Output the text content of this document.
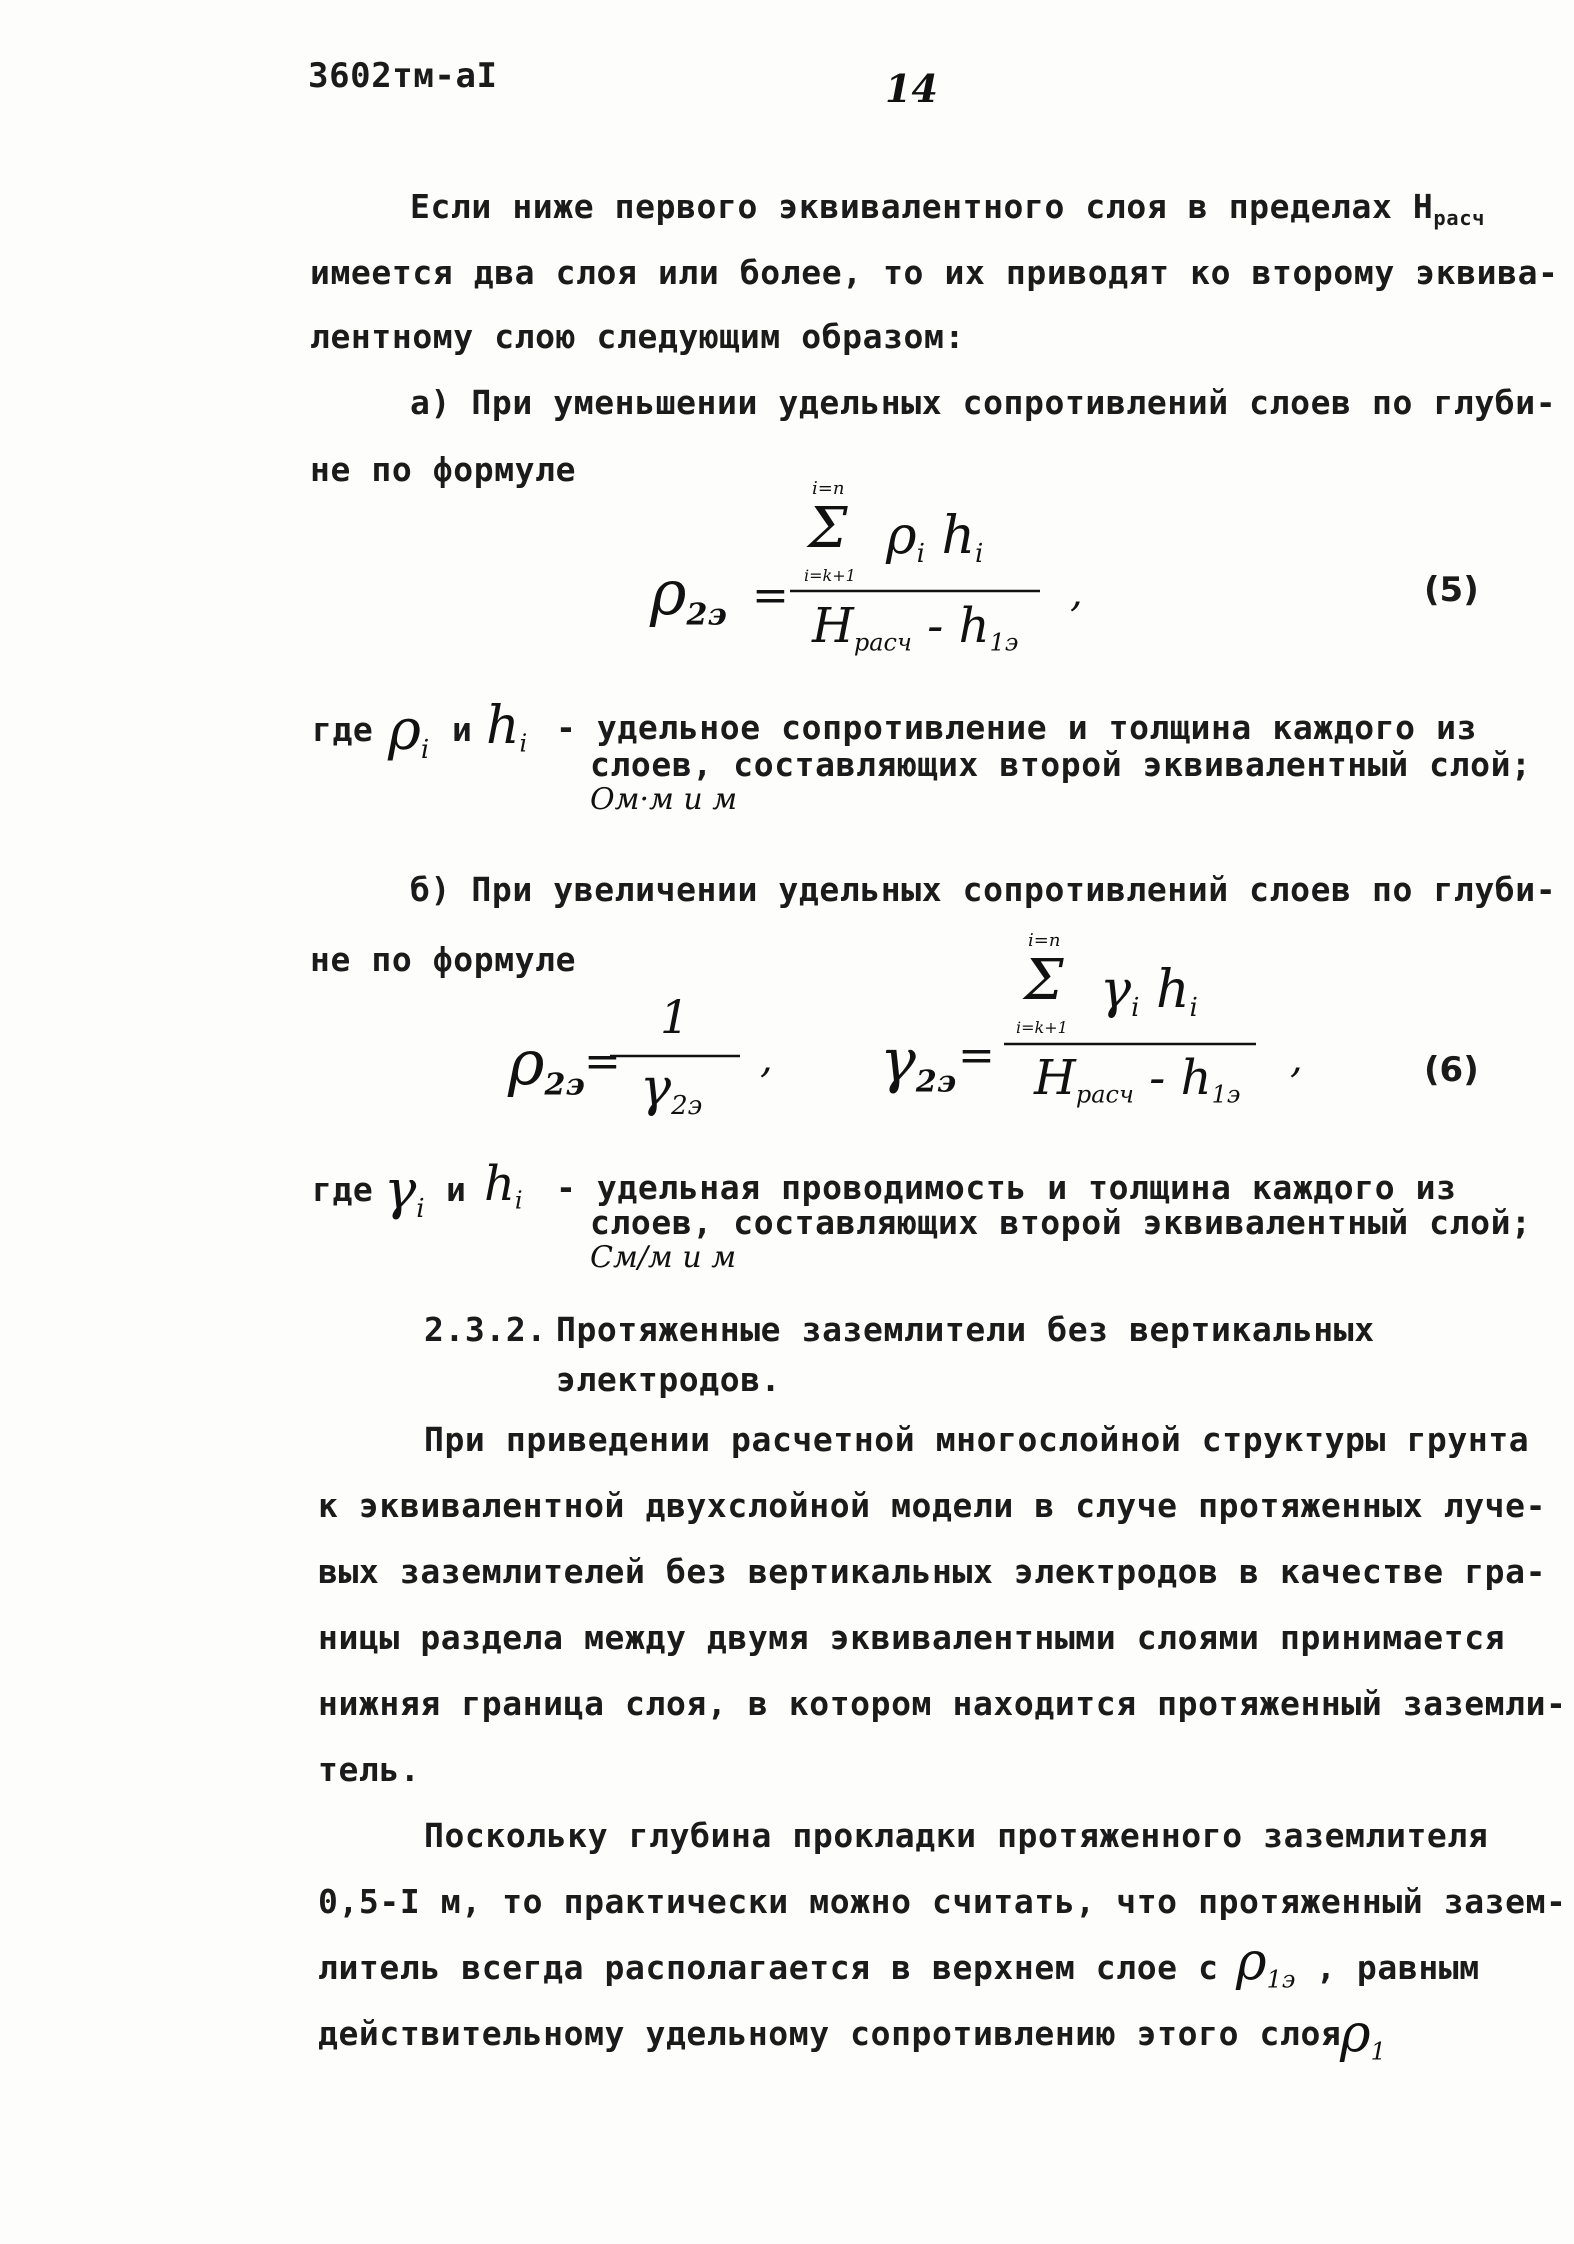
3602тм-аI	14
Если ниже первого эквивалентного слоя в пределах $H_{расч}$
имеется два слоя или более, то их приводят ко второму эквива-
лентному слою следующим образом:
а) При уменьшении удельных сопротивлений слоев по глуби-
не по формуле
$\rho_{2э}$ =
i=n
Σ
i=k+1
$\rho_i$ $h_i$
$H_{расч} - h_{1э}$
,	(5)
где $\rho_i$
и $h_i$ - удельное сопротивление и толщина каждого из
слоев, составляющих второй эквивалентный слой;
Ом·м и м
б) При увеличении удельных сопротивлений слоев по глуби-
не по формуле
$\rho_{2э}$ =
1
$\gamma_{2э}$
, $\gamma_{2э}$
=
i=n
Σ
i=k+1
$\gamma_i$ $h_i$
$H_{расч} - h_{1э}$
,	(6)
где $\gamma_i$
и $h_i$ - удельная проводимость и толщина каждого из
слоев, составляющих второй эквивалентный слой;
См/м и м
2.3.2. Протяженные заземлители без вертикальных
электродов.
При приведении расчетной многослойной структуры грунта
к эквивалентной двухслойной модели в случе протяженных луче-
вых заземлителей без вертикальных электродов в качестве гра-
ницы раздела между двумя эквивалентными слоями принимается
нижняя граница слоя, в котором находится протяженный заземли-
тель.
Поскольку глубина прокладки протяженного заземлителя
0,5-I м, то практически можно считать, что протяженный зазем-
литель всегда располагается в верхнем слое с $\rho_{1э}$ , равным
действительному удельному сопротивлению этого слоя
$\rho_1$
